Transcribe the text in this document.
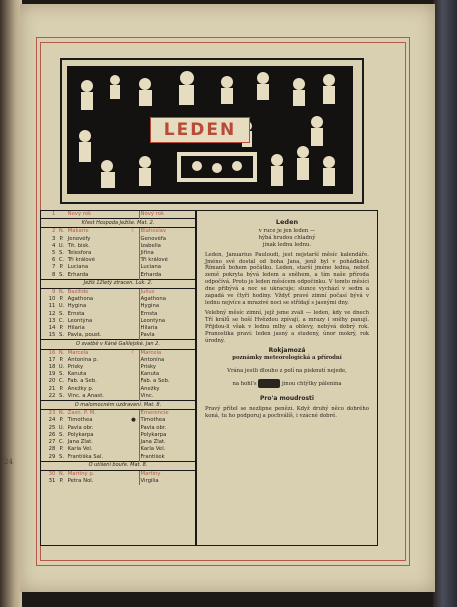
24
LEDEN
1		Nový rok		Nový rok
Křest Hospoda Ježíše. Mat. 2.				
2	N.	Makarie	☾	Blahoslav
3	P.	Jenovéfy		Genovéfa
4	Ú.	Tit. bisk.		Izabella
5	S.	Telesfora		Jiřina
6	Č.	Tři králové		Tři králové
7	P.	Luciana		Luciana
8	S.	Erharda		Erharda
Ježíš 12letý ztracen. Luk. 2.				
9	N.	Bazilide		Julius
10	P.	Agathona		Agathona
11	Ú.	Hygina		Hygina
12	S.	Ernsta		Ernsta
13	Č.	Leontýna		Leontýna
14	P.	Hilaria		Hilaria
15	S.	Pavla, poust.		Pavla
O svatbě v Káně Galilejské. Jan 2.				
16	N.	Marcela	☾	Marcela
17	P.	Antonína p.		Antonína
18	Ú.	Prisky		Prisky
19	S.	Kanuta		Kanuta
20	Č.	Fab. a Seb.		Fab. a Seb.
21	P.	Anežky p.		Anežky
22	S.	Vinc. a Anast.		Vinc.
O malomocném uzdravení. Mat. 8.				
23	N.	Zasn. P. M.		Emerencie
24	P.	Timothea	●	Timothea
25	Ú.	Pavla obr.		Pavla obr.
26	S.	Polykarpa		Polykarpa
27	Č.	Jana Zlat.		Jana Zlat.
28	P.	Karla Vel.		Karla Vel.
29	S.	Františka Sal.		František
O utišení bouře. Mat. 8.				
30	N.	Martiny p.		Martiny
31	P.	Petra Nol.		Virgilia
Leden
v ruce je jen leden —
hýbá hrudou chladný
jinak lednu lednu.
Leden, Januarius Pauloudi, jest nejstarší měsíc kalendáře. Jméno své dostal od boha Jana, jenž byl v pohádkách Římanů bohem počátku. Leden, starší jméno ledna, neboť země pokryta bývá ledem a sněhem, a tím naše příroda odpočívá. Proto je leden měsícem odpočinku. V tomto měsíci dne přibývá a noc se ukracuje; slunce vychází v sedm a zapadá ve čtyři hodiny. Vždyť pravé zimní počasí bývá v lednu nejvíce a mrazivé noci se střídají s jasnými dny.
Velebný měsíc zimní, jejž jsme zvali — leden, kdy ve dnech Tří králů se hoší Hvězdou zpívají, a mrazy i sněhy panují. Přijdou-li však v lednu mlhy a oblevy, nebývá dobrý rok. Pranostika praví: leden jasný a studený, únor mokrý, rok úrodný.
Rokjamozá
poznámky meteorologická a přírodní
Vrána jestli dlouho z polí na pisknutí nejede,
na hohl's	jinou chtýtky pálenina
Pro'a moudrosti
Pravý přítel se nezlipne penězi. Když druhý něco dobrého koná, tu ho podporuj a pochválíš, i vzácné dobré.
